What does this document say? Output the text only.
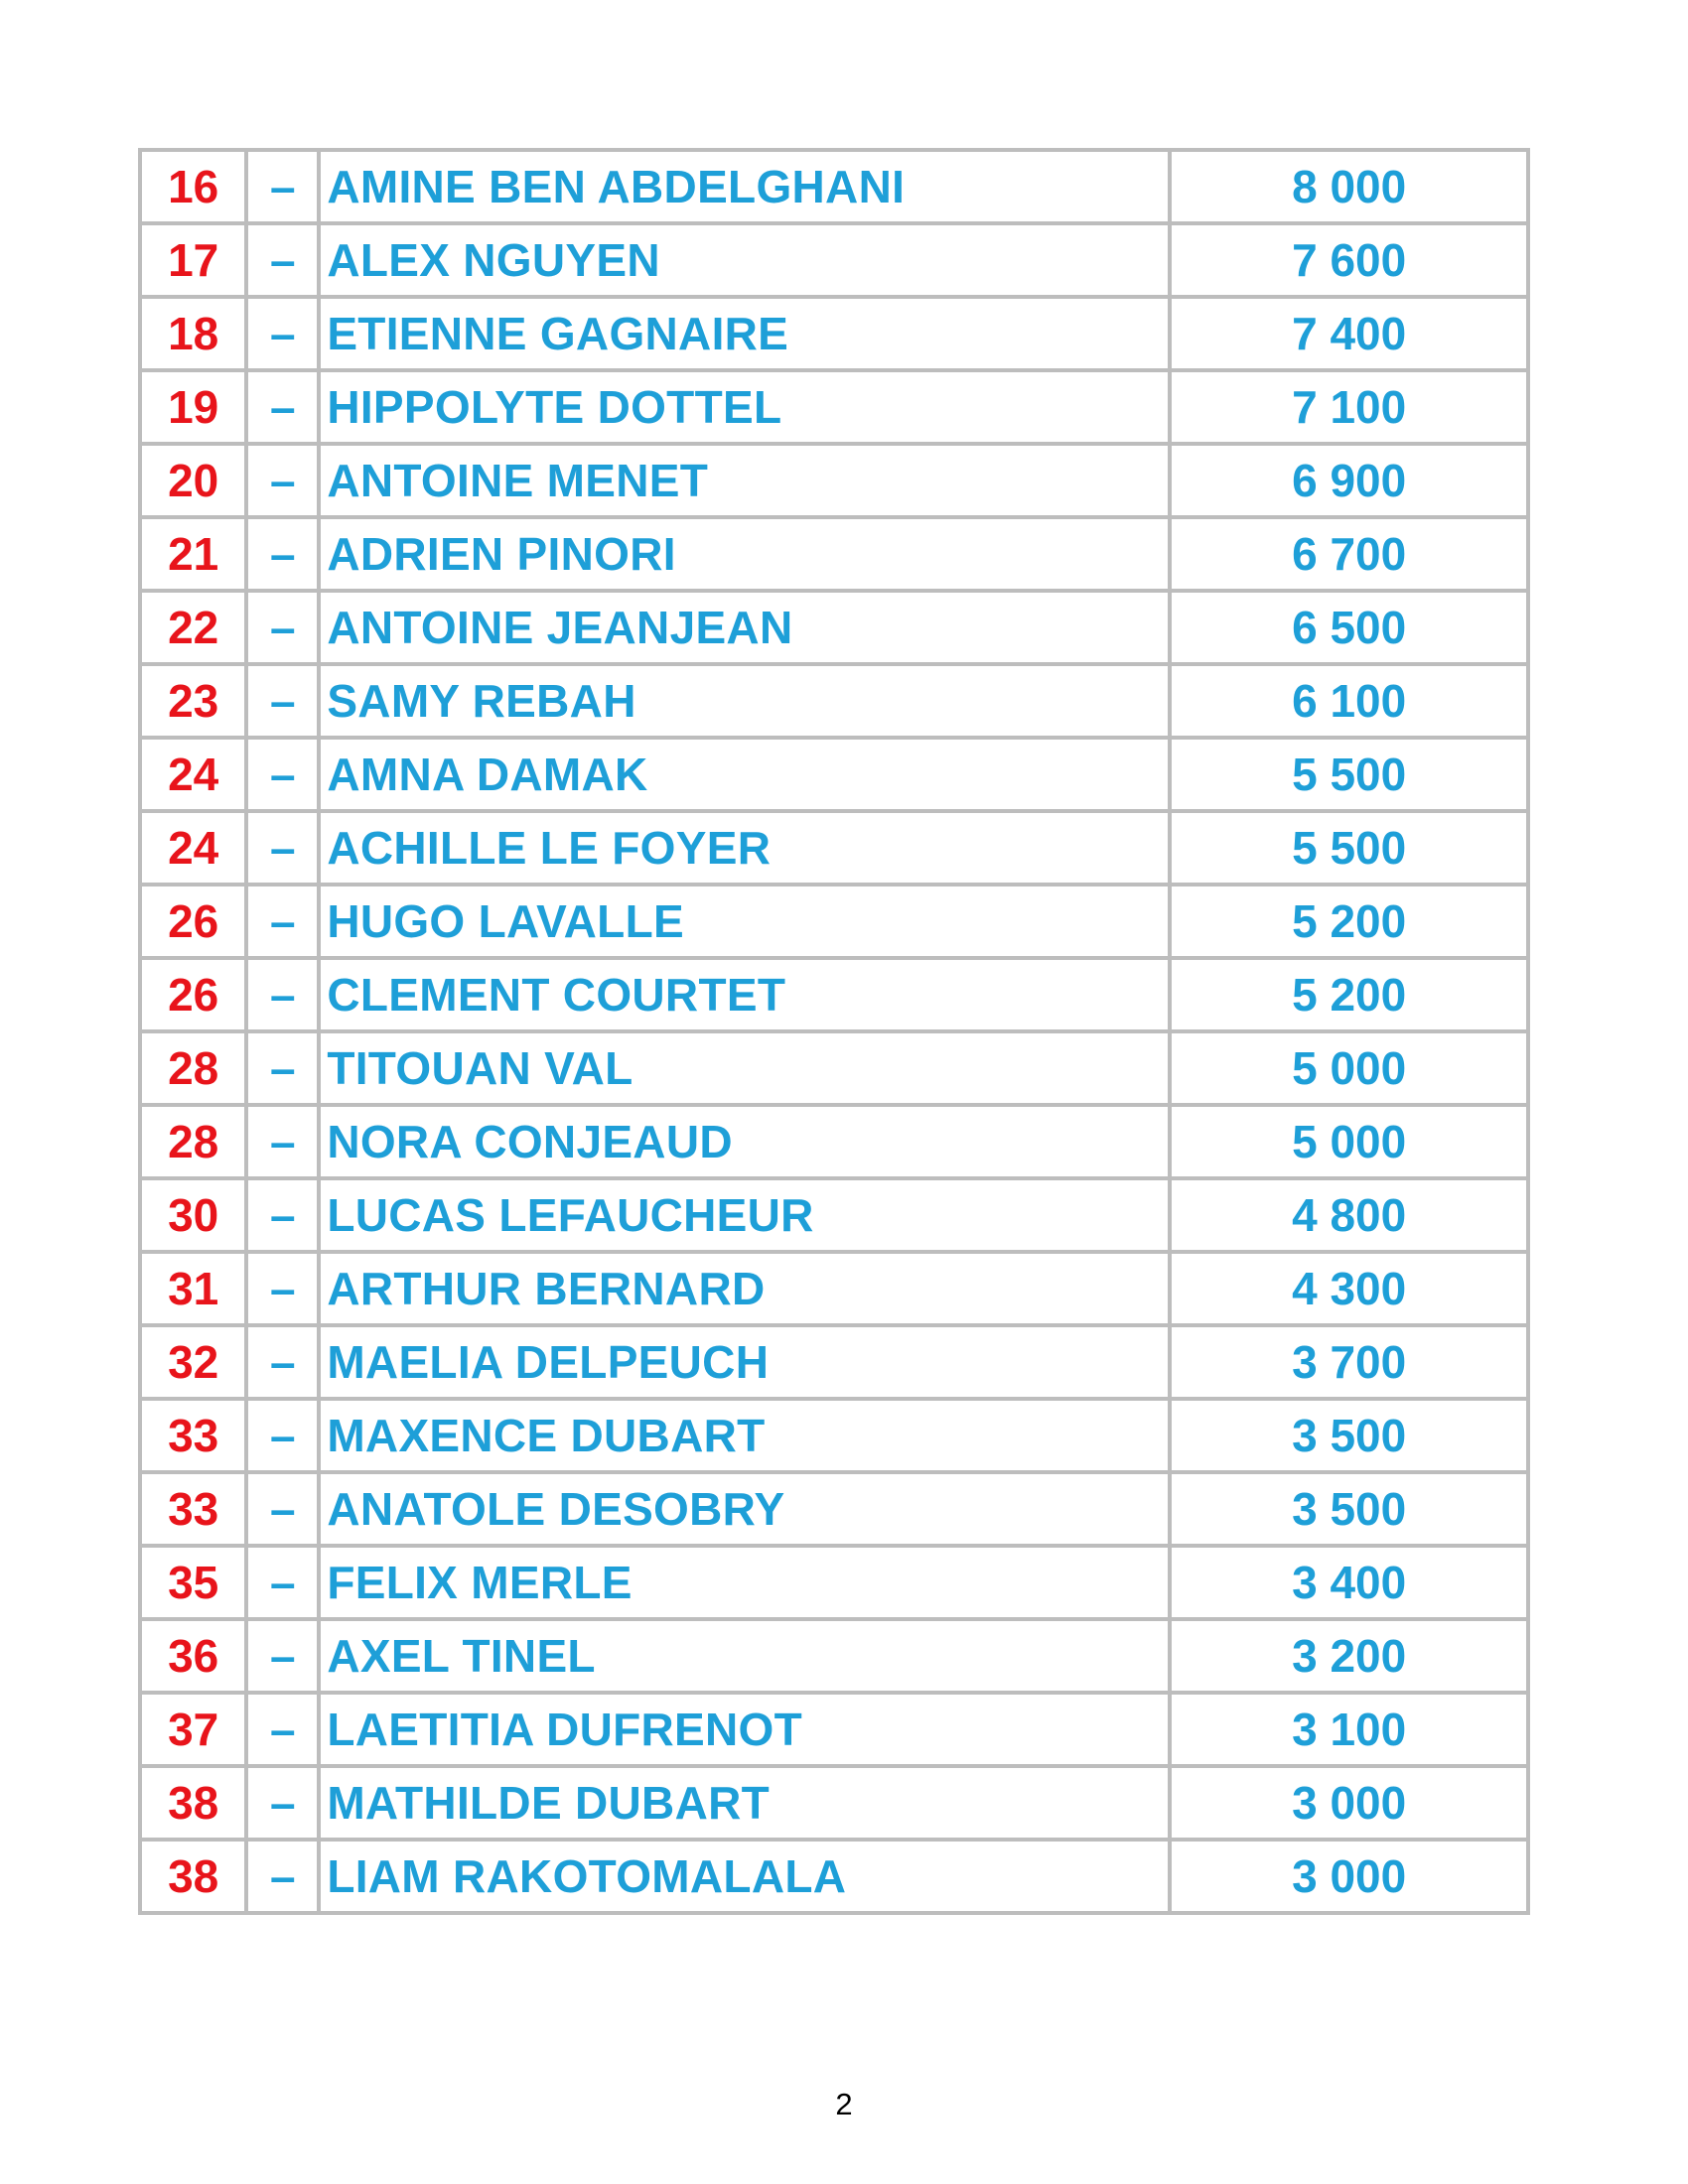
16	–	AMINE BEN ABDELGHANI	8 000
17	–	ALEX NGUYEN	7 600
18	–	ETIENNE GAGNAIRE	7 400
19	–	HIPPOLYTE DOTTEL	7 100
20	–	ANTOINE MENET	6 900
21	–	ADRIEN PINORI	6 700
22	–	ANTOINE JEANJEAN	6 500
23	–	SAMY REBAH	6 100
24	–	AMNA DAMAK	5 500
24	–	ACHILLE LE FOYER	5 500
26	–	HUGO LAVALLE	5 200
26	–	CLEMENT COURTET	5 200
28	–	TITOUAN VAL	5 000
28	–	NORA CONJEAUD	5 000
30	–	LUCAS LEFAUCHEUR	4 800
31	–	ARTHUR BERNARD	4 300
32	–	MAELIA DELPEUCH	3 700
33	–	MAXENCE DUBART	3 500
33	–	ANATOLE DESOBRY	3 500
35	–	FELIX MERLE	3 400
36	–	AXEL TINEL	3 200
37	–	LAETITIA DUFRENOT	3 100
38	–	MATHILDE DUBART	3 000
38	–	LIAM RAKOTOMALALA	3 000
2
